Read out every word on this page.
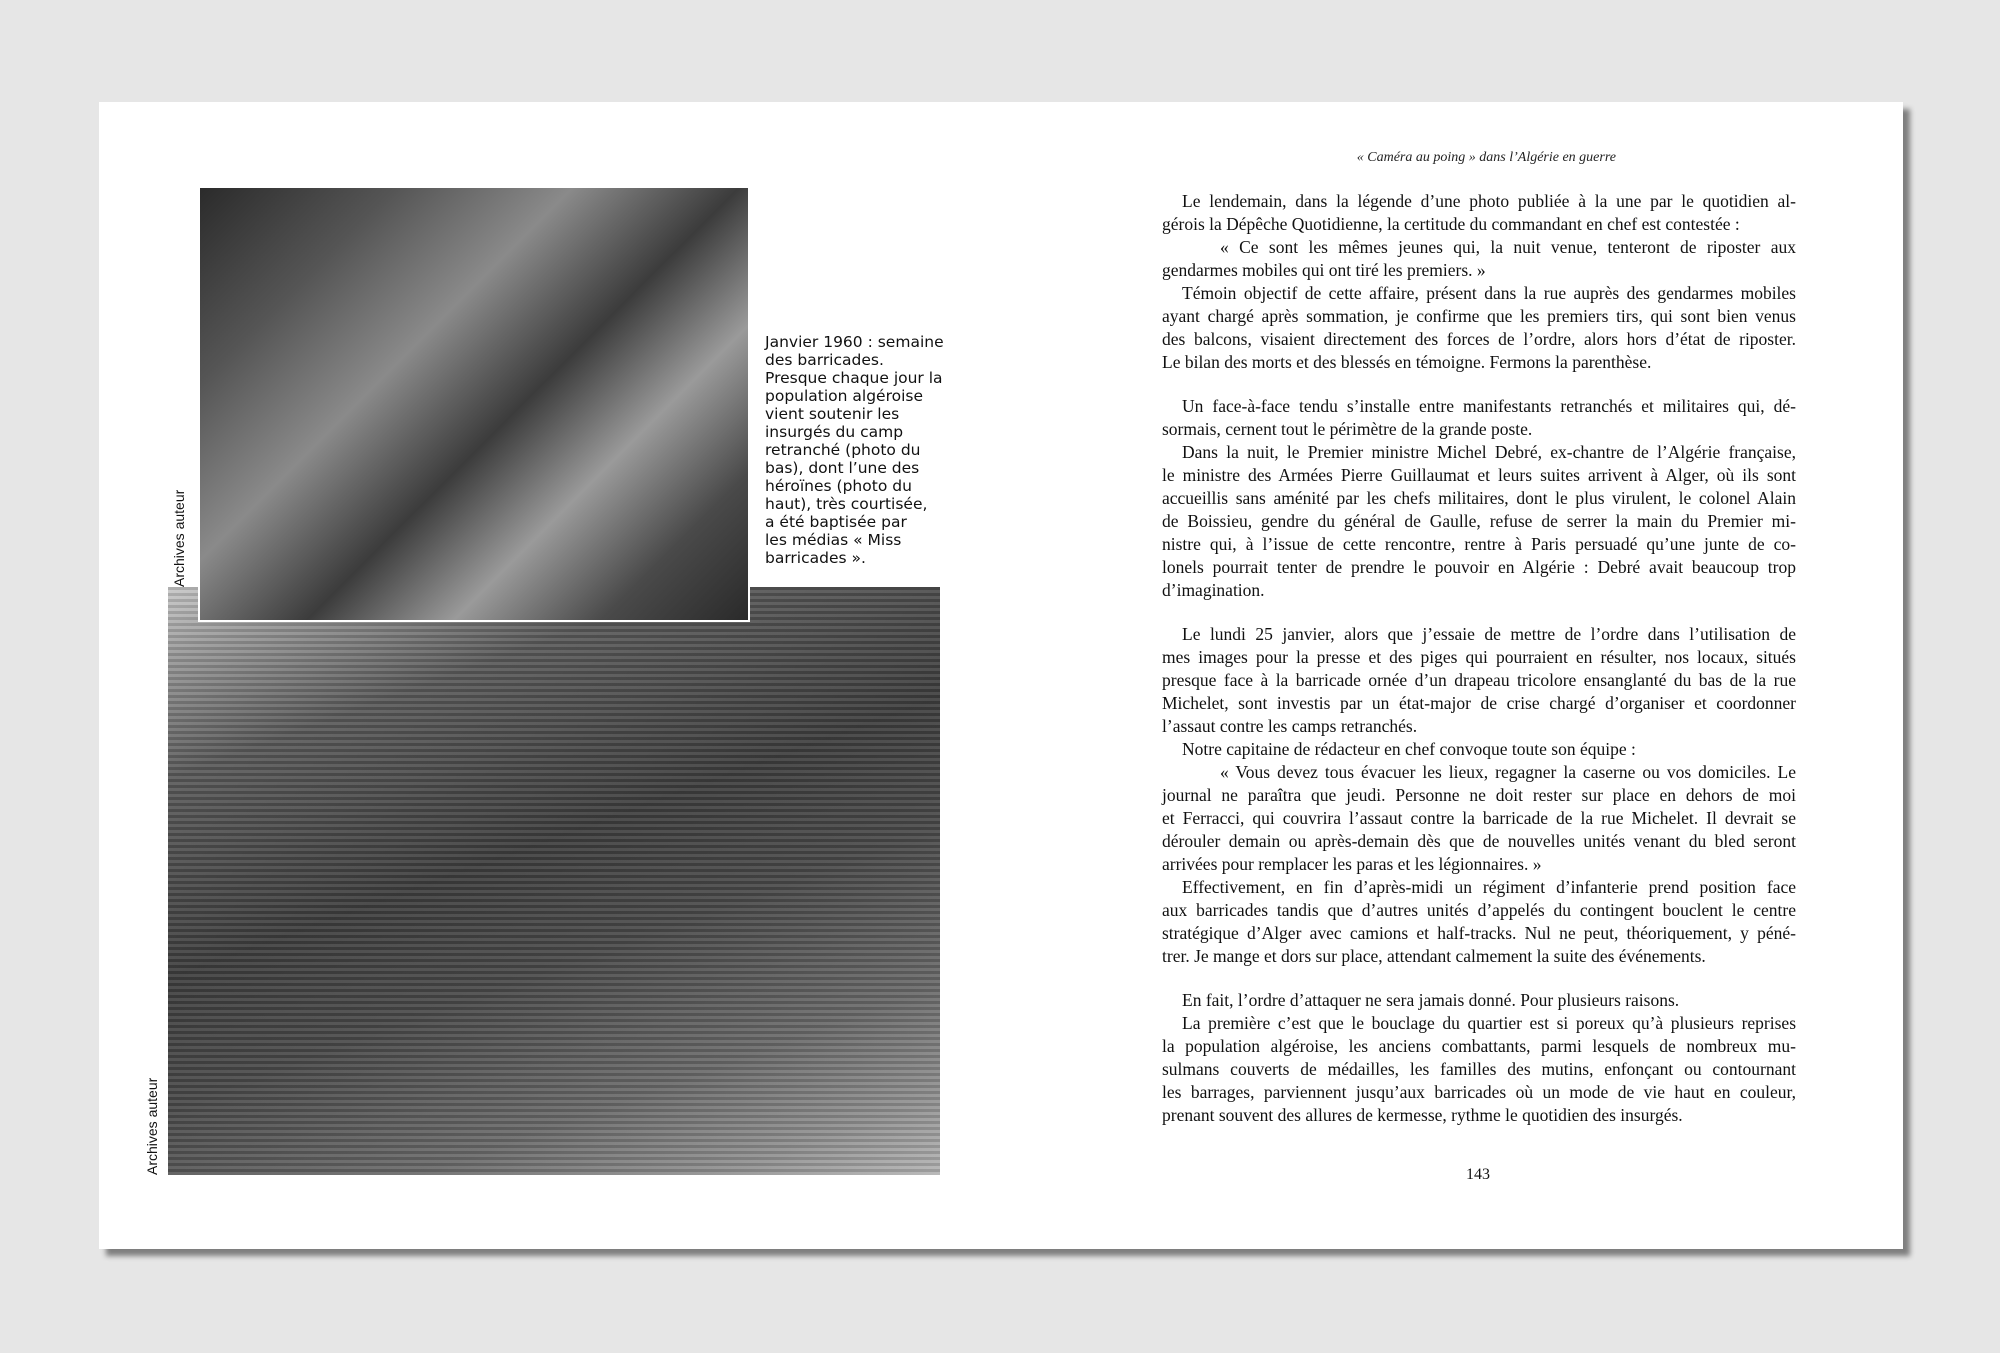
Archives auteur
Archives auteur
Janvier 1960 : semaine
des barricades.
Presque chaque jour la
population algéroise
vient soutenir les
insurgés du camp
retranché (photo du
bas), dont l’une des
héroïnes (photo du
haut), très courtisée,
a été baptisée par
les médias « Miss
barricades ».
« Caméra au poing » dans l’Algérie en guerre
Le lendemain, dans la légende d’une photo publiée à la une par le quotidien al-
gérois la Dépêche Quotidienne, la certitude du commandant en chef est contestée :
« Ce sont les mêmes jeunes qui, la nuit venue, tenteront de riposter aux
gendarmes mobiles qui ont tiré les premiers. »
Témoin objectif de cette affaire, présent dans la rue auprès des gendarmes mobiles
ayant chargé après sommation, je confirme que les premiers tirs, qui sont bien venus
des balcons, visaient directement des forces de l’ordre, alors hors d’état de riposter.
Le bilan des morts et des blessés en témoigne. Fermons la parenthèse.
Un face-à-face tendu s’installe entre manifestants retranchés et militaires qui, dé-
sormais, cernent tout le périmètre de la grande poste.
Dans la nuit, le Premier ministre Michel Debré, ex-chantre de l’Algérie française,
le ministre des Armées Pierre Guillaumat et leurs suites arrivent à Alger, où ils sont
accueillis sans aménité par les chefs militaires, dont le plus virulent, le colonel Alain
de Boissieu, gendre du général de Gaulle, refuse de serrer la main du Premier mi-
nistre qui, à l’issue de cette rencontre, rentre à Paris persuadé qu’une junte de co-
lonels pourrait tenter de prendre le pouvoir en Algérie : Debré avait beaucoup trop
d’imagination.
Le lundi 25 janvier, alors que j’essaie de mettre de l’ordre dans l’utilisation de
mes images pour la presse et des piges qui pourraient en résulter, nos locaux, situés
presque face à la barricade ornée d’un drapeau tricolore ensanglanté du bas de la rue
Michelet, sont investis par un état-major de crise chargé d’organiser et coordonner
l’assaut contre les camps retranchés.
Notre capitaine de rédacteur en chef convoque toute son équipe :
« Vous devez tous évacuer les lieux, regagner la caserne ou vos domiciles. Le
journal ne paraîtra que jeudi. Personne ne doit rester sur place en dehors de moi
et Ferracci, qui couvrira l’assaut contre la barricade de la rue Michelet. Il devrait se
dérouler demain ou après-demain dès que de nouvelles unités venant du bled seront
arrivées pour remplacer les paras et les légionnaires. »
Effectivement, en fin d’après-midi un régiment d’infanterie prend position face
aux barricades tandis que d’autres unités d’appelés du contingent bouclent le centre
stratégique d’Alger avec camions et half-tracks. Nul ne peut, théoriquement, y péné-
trer. Je mange et dors sur place, attendant calmement la suite des événements.
En fait, l’ordre d’attaquer ne sera jamais donné. Pour plusieurs raisons.
La première c’est que le bouclage du quartier est si poreux qu’à plusieurs reprises
la population algéroise, les anciens combattants, parmi lesquels de nombreux mu-
sulmans couverts de médailles, les familles des mutins, enfonçant ou contournant
les barrages, parviennent jusqu’aux barricades où un mode de vie haut en couleur,
prenant souvent des allures de kermesse, rythme le quotidien des insurgés.
143
